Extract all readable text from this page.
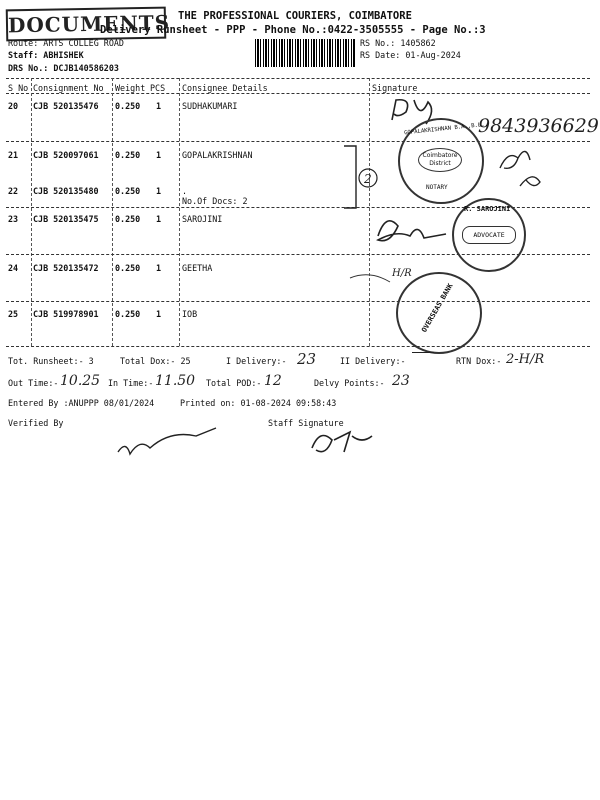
DOCUMENTS THE PROFESSIONAL COURIERS, COIMBATORE
Delivery Runsheet - PPP - Phone No.:0422-3505555 - Page No.:3
Route: ARTS COLLEG ROAD
Staff: ABHISHEK
DRS No.: DCJB140586203
RS No.: 1405862
RS Date: 01-Aug-2024
S No Consignment No Weight PCS Consignee Details	Signature
20 CJB 520135476 0.250 1 SUDHAKUMARI
21 CJB 520097061 0.250 1 GOPALAKRISHNAN
22 CJB 520135480 0.250 1 .
No.Of Docs: 2
23 CJB 520135475 0.250 1 SAROJINI
24 CJB 520135472 0.250 1 GEETHA
25 CJB 519978901 0.250 1 IOB
9843936629
2
H/R
GOPALAKRISHNAN B.A.,B.L.,
Coimbatore District
NOTARY
R. SAROJINI
ADVOCATE
OVERSEAS BANK
Tot. Runsheet:- 3	Total Dox:- 25	I Delivery:- 23	II Delivery:-	RTN Dox:- 2-H/R
Out Time:- 10.25 In Time:- 11.50 Total POD:- 12	Delvy Points:- 23
Entered By :ANUPPP 08/01/2024	Printed on: 01-08-2024 09:58:43
Verified By	Staff Signature
